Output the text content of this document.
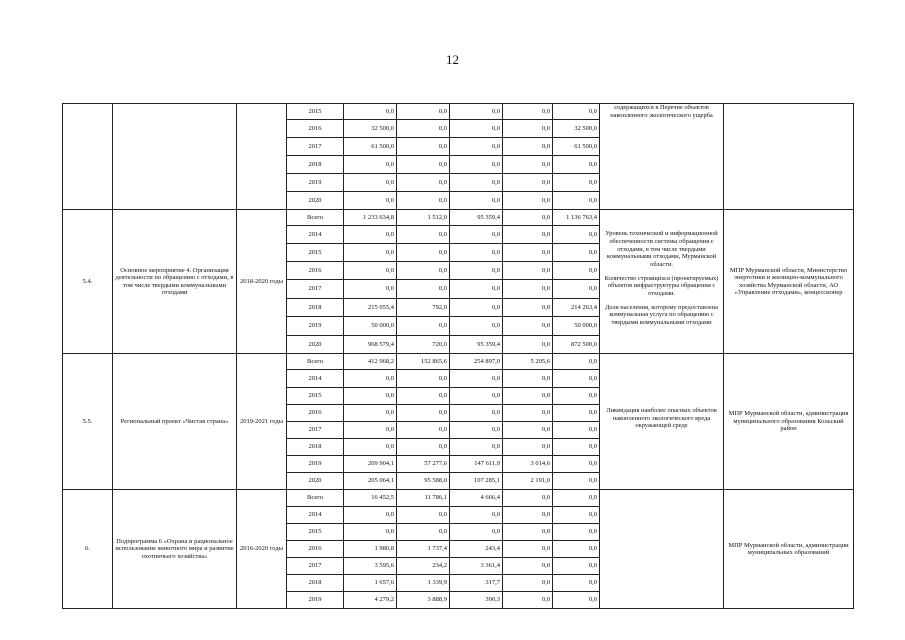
12
			2015	0,0	0,0	0,0	0,0	0,0	содержащихся в Перечне объектов накопленного экологического ущерба	

			2016	32 500,0	0,0	0,0	0,0	32 500,0		
			2017	61 500,0	0,0	0,0	0,0	61 500,0		
			2018	0,0	0,0	0,0	0,0	0,0		
			2019	0,0	0,0	0,0	0,0	0,0		
			2020	0,0	0,0	0,0	0,0	0,0		
5.4.	Основное мероприятие 4. Организация деятельности по обращению с отходами, в том числе твердыми коммунальными отходами	2018-2020 годы	Всего	1 233 634,8	1 512,0	95 359,4	0,0	1 136 763,4	Уровень технической и информационной обеспеченности системы обращения с отходами, в том числе твердыми коммунальными отходами, Мурманской области.

Количество строящихся (проектируемых) объектов инфраструктуры обращения с отходами.

Доля населения, которому предоставлена коммунальная услуга по обращению с твердыми коммунальными отходами	МПР Мурманской области, Министерство энергетики и жилищно-коммунального хозяйства Мурманской области, АО «Управление отходами», концессионер
			2014	0,0	0,0	0,0	0,0	0,0		
			2015	0,0	0,0	0,0	0,0	0,0		
			2016	0,0	0,0	0,0	0,0	0,0		
			2017	0,0	0,0	0,0	0,0	0,0		
			2018	215 055,4	792,0	0,0	0,0	214 263,4		
			2019	50 000,0	0,0	0,0	0,0	50 000,0		
			2020	968 579,4	720,0	95 359,4	0,0	872 500,0		
5.5.	Региональный проект «Чистая страна»	2019-2021 годы	Всего	412 968,2	152 865,6	254 897,0	5 205,6	0,0	Ликвидация наиболее опасных объектов накопленного экологического вреда окружающей среде	МПР Мурманской области, администрация муниципального образования Кольский район
			2014	0,0	0,0	0,0	0,0	0,0		
			2015	0,0	0,0	0,0	0,0	0,0		
			2016	0,0	0,0	0,0	0,0	0,0		
			2017	0,0	0,0	0,0	0,0	0,0		
			2018	0,0	0,0	0,0	0,0	0,0		
			2019	209 904,1	57 277,6	147 611,9	3 014,6	0,0		
			2020	205 064,1	95 588,0	107 285,1	2 191,0	0,0		
6.	Подпрограмма 6 «Охрана и рациональное использование животного мира и развитие охотничьего хозяйства»	2016-2020 годы	Всего	16 452,5	11 786,1	4 666,4	0,0	0,0		МПР Мурманской области, администрации муниципальных образований
			2014	0,0	0,0	0,0	0,0	0,0		
			2015	0,0	0,0	0,0	0,0	0,0		
			2016	1 980,8	1 737,4	243,4	0,0	0,0		
			2017	3 595,6	234,2	3 361,4	0,0	0,0		
			2018	1 657,6	1 339,9	317,7	0,0	0,0		
			2019	4 279,2	3 888,9	390,3	0,0	0,0		
